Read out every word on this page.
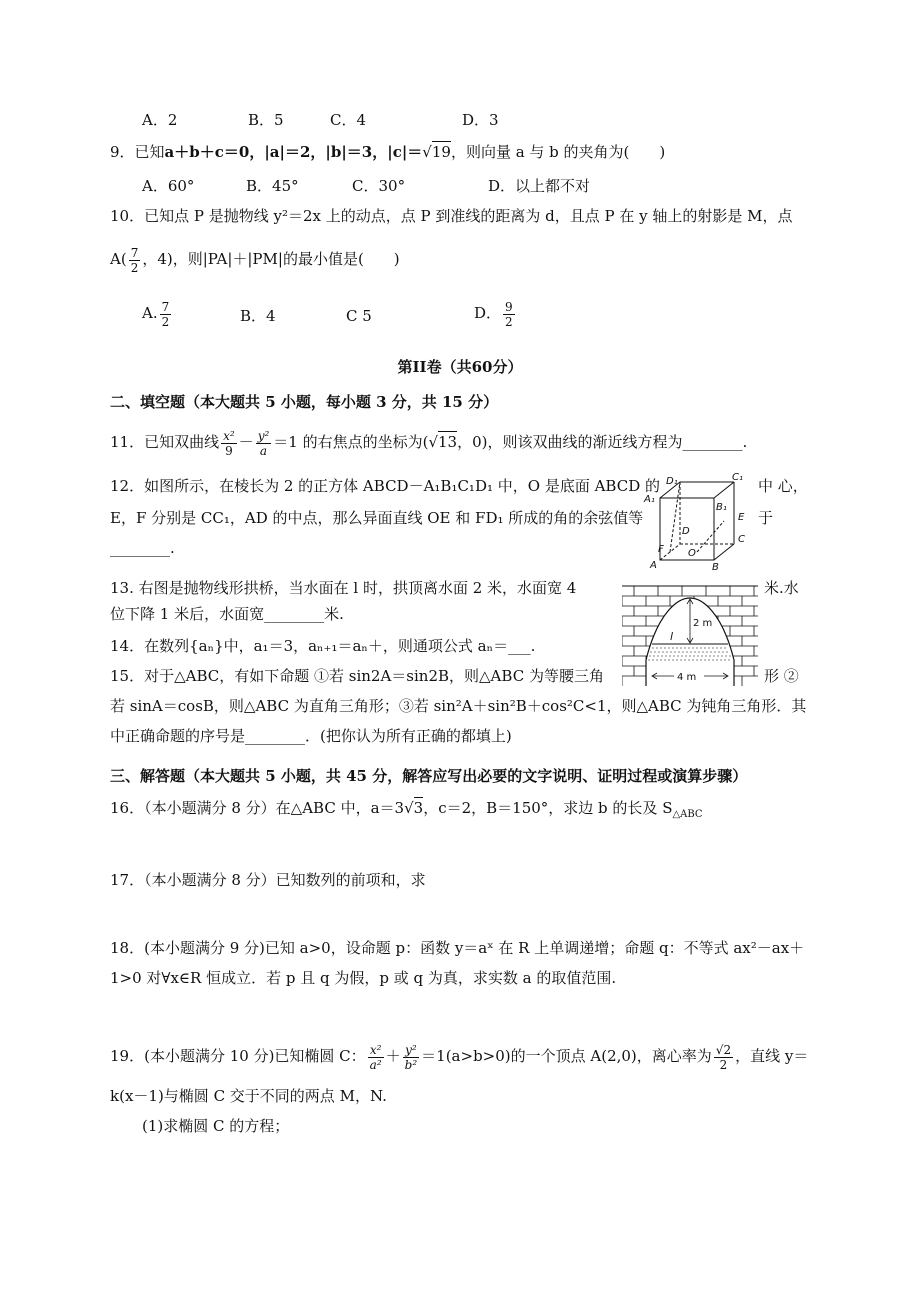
A．2	B．5	C．4	D．3
9．已知a＋b＋c＝0，|a|＝2，|b|＝3，|c|＝√19，则向量 a 与 b 的夹角为(　　)
A．60°	B．45°	C．30°	D．以上都不对
10．已知点 P 是抛物线 y²＝2x 上的动点，点 P 到准线的距离为 d，且点 P 在 y 轴上的射影是 M，点
$A( \frac{7}{2}$ ，4)，则|PA|＋|PM|的最小值是(　　)
A. $\frac{7}{2}$	B．4	C 5	D． $\frac{9}{2}$
第II卷（共60分）
二、填空题（本大题共 5 小题，每小题 3 分，共 15 分）
11．已知双曲线 $\frac{\text{x²}}{9} - \frac{\text{y²}}{a} =1$ 的右焦点的坐标为(√13，0)，则该双曲线的渐近线方程为________.
12．如图所示，在棱长为 2 的正方体 ABCD－A₁B₁C₁D₁ 中，O 是底面 ABCD 的	中 心，
E，F 分别是 CC₁，AD 的中点，那么异面直线 OE 和 FD₁ 所成的角的余弦值等	于
________.
D₁	C₁
A₁
B₁
E
D
C
F O
A	B
13. 右图是抛物线形拱桥，当水面在 l 时，拱顶离水面 2 米，水面宽 4	米.水
位下降 1 米后，水面宽________米.
2 m
4 m
l
14．在数列{aₙ}中，a₁＝3，aₙ₊₁＝aₙ＋，则通项公式 aₙ＝___.
15．对于△ABC，有如下命题 ①若 sin2A＝sin2B，则△ABC 为等腰三角	形 ②
若 sinA＝cosB，则△ABC 为直角三角形；③若 sin²A＋sin²B＋cos²C<1，则△ABC 为钝角三角形．其
中正确命题的序号是________．(把你认为所有正确的都填上)
三、解答题（本大题共 5 小题，共 45 分，解答应写出必要的文字说明、证明过程或演算步骤）
16．（本小题满分 8 分）在△ABC 中，a＝3√3，c＝2，B＝150°，求边 b 的长及 $S_{\triangle ABC}$
17．（本小题满分 8 分）已知数列的前项和，求
18．(本小题满分 9 分)已知 a>0，设命题 p：函数 y＝aˣ 在 R 上单调递增；命题 q：不等式 ax²－ax＋
1>0 对∀x∈R 恒成立．若 p 且 q 为假，p 或 q 为真，求实数 a 的取值范围.
19．(本小题满分 10 分)已知椭圆 C： $\frac{\text{x²}}{\text{a²}} + \frac{\text{y²}}{\text{b²}} =1(a>b>0)$的一个顶点 A(2,0)，离心率为 $\frac{√2}{2}$ ，直线 y＝
k(x－1)与椭圆 C 交于不同的两点 M，N.
(1)求椭圆 C 的方程；
